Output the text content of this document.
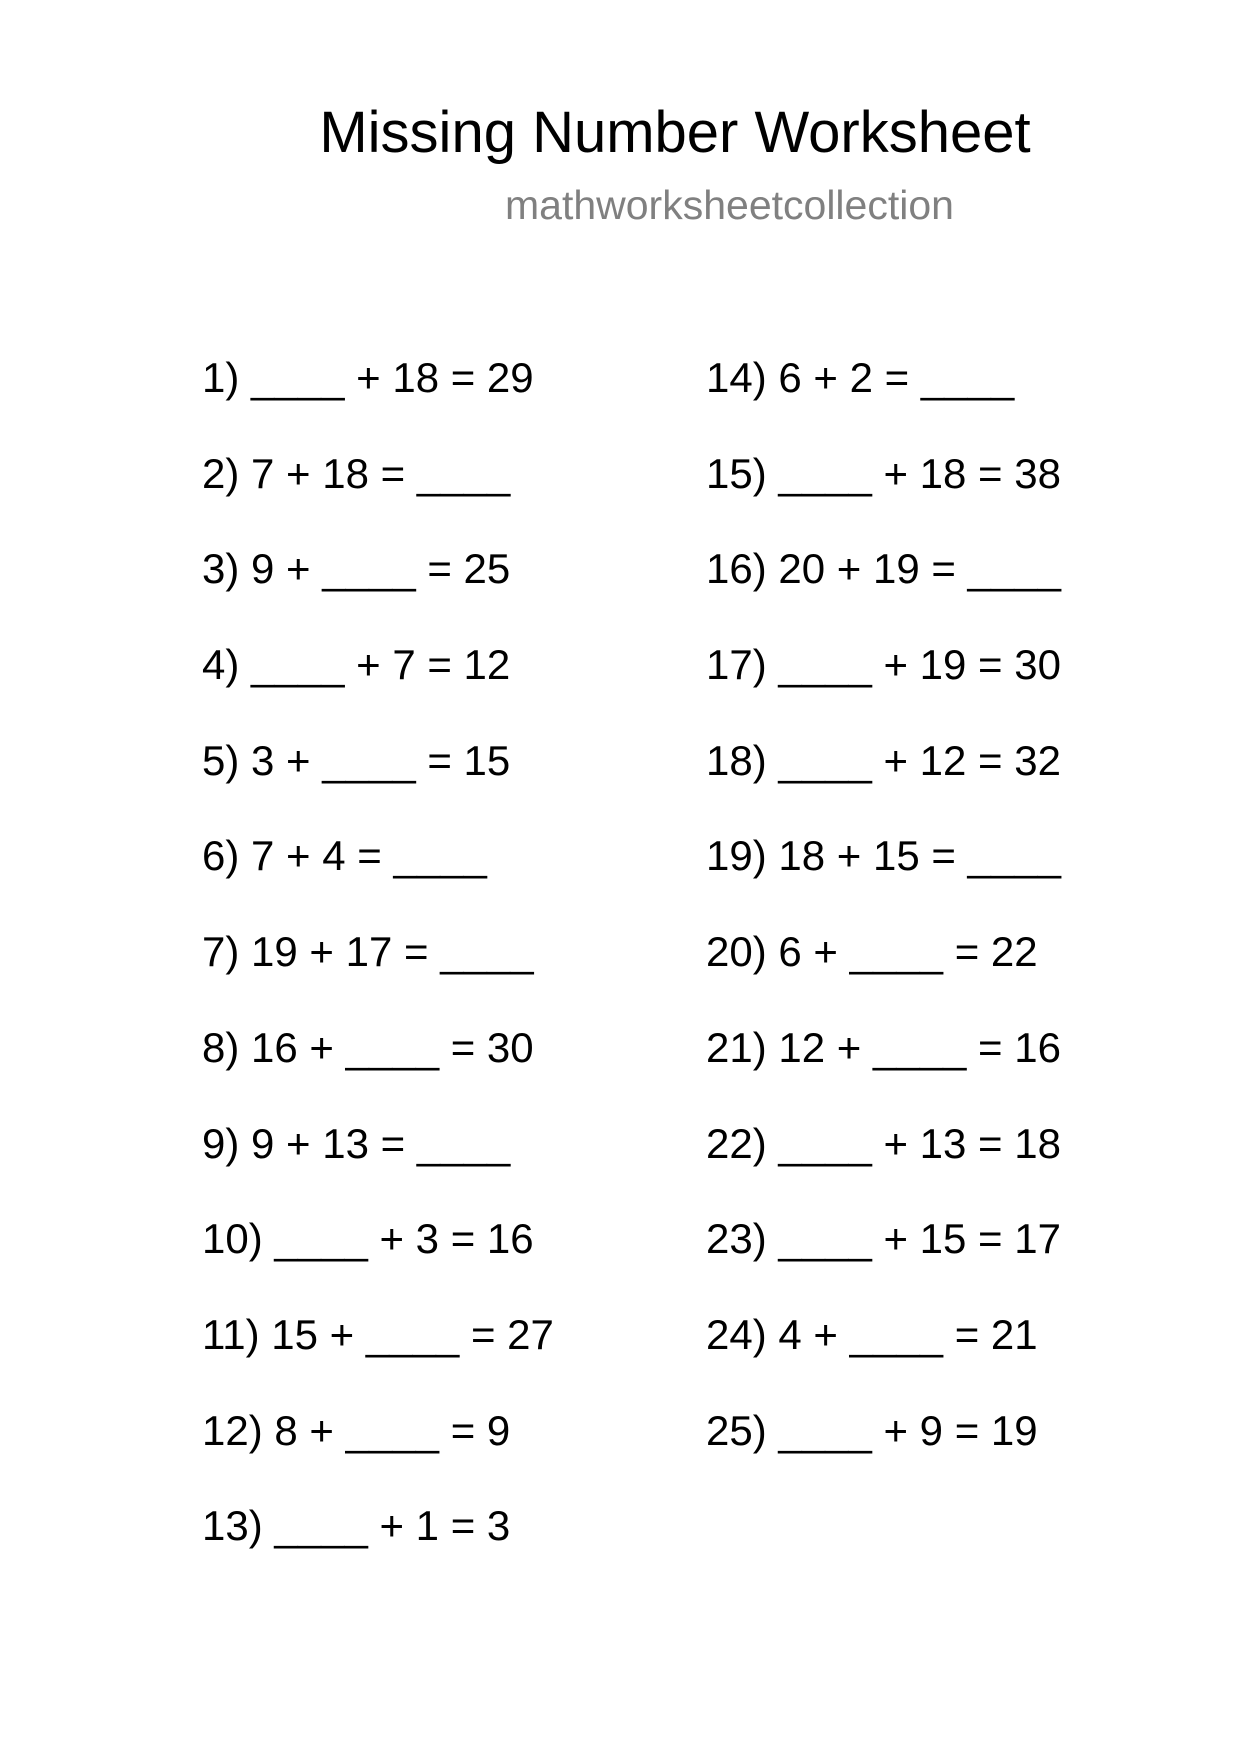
Missing Number Worksheet
mathworksheetcollection
1) ____ + 18 = 29
2) 7 + 18 = ____
3) 9 + ____ = 25
4) ____ + 7 = 12
5) 3 + ____ = 15
6) 7 + 4 = ____
7) 19 + 17 = ____
8) 16 + ____ = 30
9) 9 + 13 = ____
10) ____ + 3 = 16
11) 15 + ____ = 27
12) 8 + ____ = 9
13) ____ + 1 = 3
14) 6 + 2 = ____
15) ____ + 18 = 38
16) 20 + 19 = ____
17) ____ + 19 = 30
18) ____ + 12 = 32
19) 18 + 15 = ____
20) 6 + ____ = 22
21) 12 + ____ = 16
22) ____ + 13 = 18
23) ____ + 15 = 17
24) 4 + ____ = 21
25) ____ + 9 = 19
